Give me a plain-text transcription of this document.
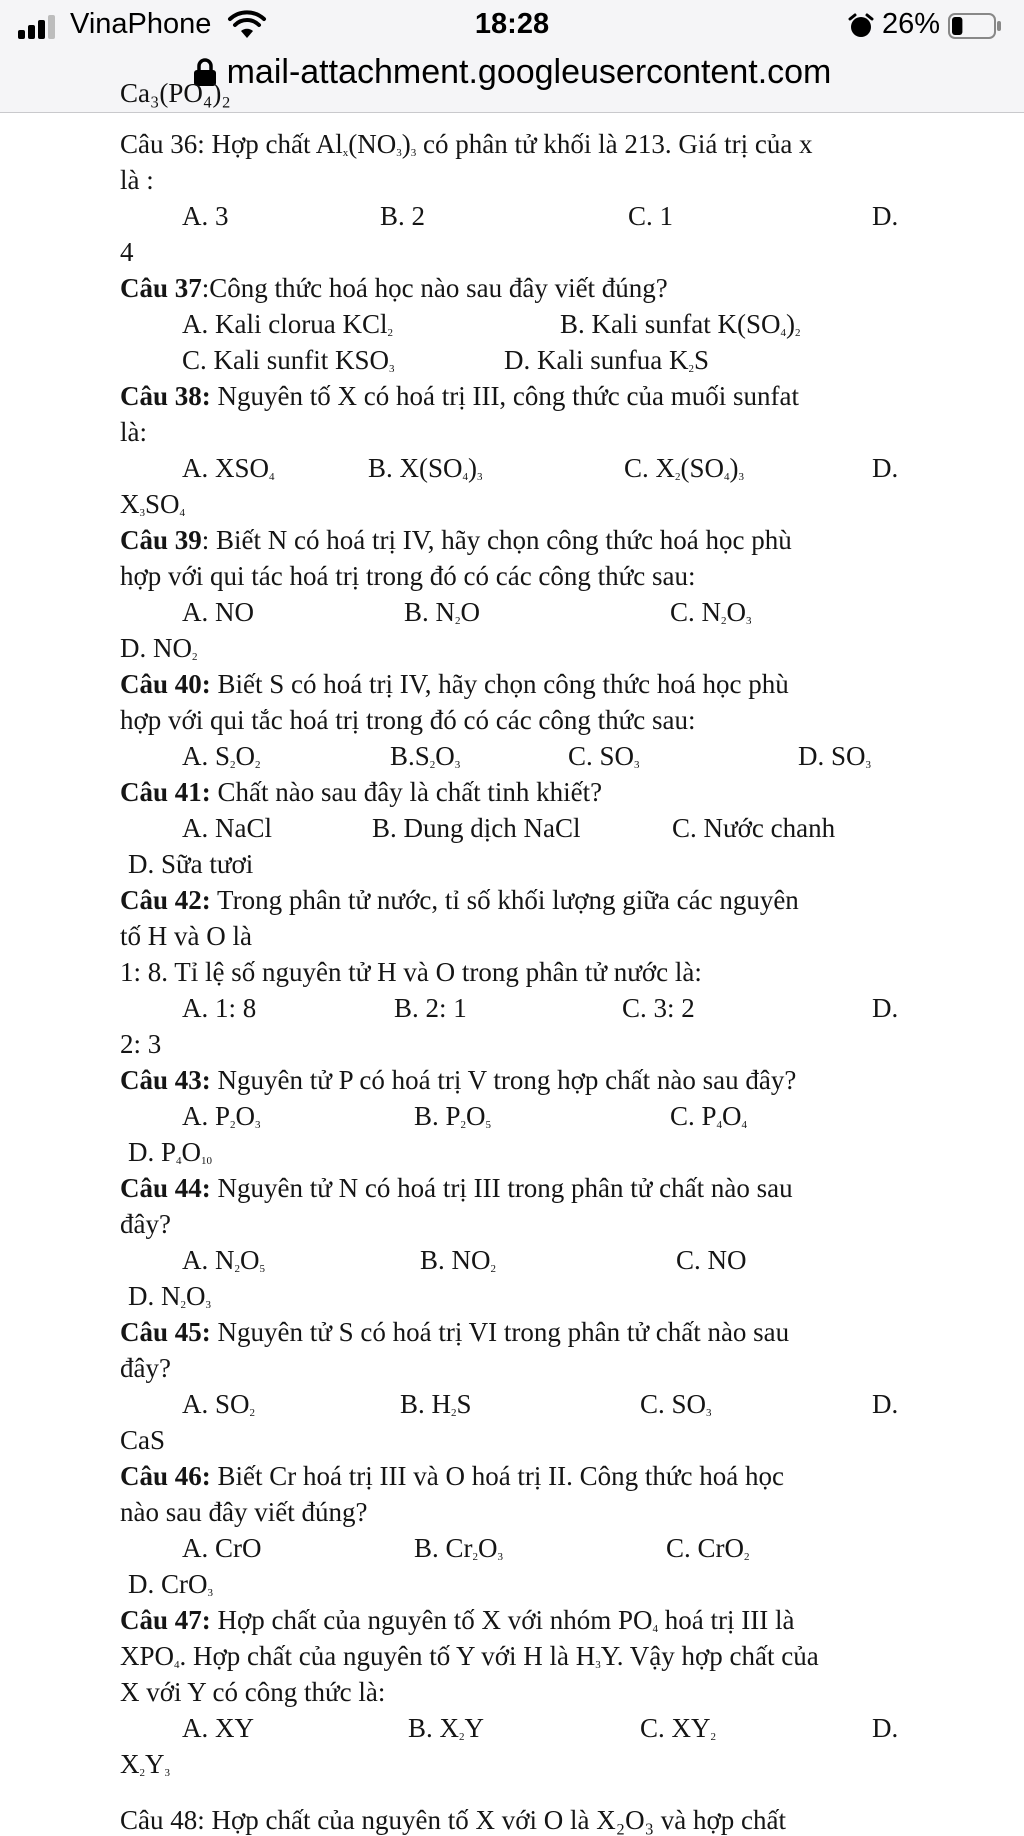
VinaPhone	18:28	26%
mail-attachment.googleusercontent.com
Ca₃(PO₄)₂
Câu 36: Hợp chất $Al_x(NO_3)_3$ có phân tử khối là 213. Giá trị của x
là :
A. 3	B. 2	C. 1	D.
4
Câu 37:Công thức hoá học nào sau đây viết đúng?
A. Kali clorua KCl$_2$	B. Kali sunfat $K(SO_4)_2$
C. Kali sunfit $KSO_3$	D. Kali sunfua $K_2S$
Câu 38: Nguyên tố X có hoá trị III, công thức của muối sunfat
là:
A. $XSO_4$	B. $X(SO_4)_3$	C. $X_2(SO_4)_3$	D.
$X_3SO_4$
Câu 39: Biết N có hoá trị IV, hãy chọn công thức hoá học phù
hợp với qui tác hoá trị trong đó có các công thức sau:
A. NO	B. $N_2O$	C. $N_2O_3$
D. $NO_2$
Câu 40: Biết S có hoá trị IV, hãy chọn công thức hoá học phù
hợp với qui tắc hoá trị trong đó có các công thức sau:
A. $S_2O_2$	$B.S_2O_3$	C. $SO_3$	D. $SO_3$
Câu 41: Chất nào sau đây là chất tinh khiết?
A. NaCl	B. Dung dịch NaCl	C. Nước chanh
D. Sữa tươi
Câu 42: Trong phân tử nước, tỉ số khối lượng giữa các nguyên
tố H và O là
1: 8. Tỉ lệ số nguyên tử H và O trong phân tử nước là:
A. 1: 8	B. 2: 1	C. 3: 2	D.
2: 3
Câu 43: Nguyên tử P có hoá trị V trong hợp chất nào sau đây?
A. $P_2O_3$	B. $P_2O_5$	C. $P_4O_4$
D. $P_4O_{10}$
Câu 44: Nguyên tử N có hoá trị III trong phân tử chất nào sau
đây?
A. $N_2O_5$	B. $NO_2$	C. NO
D. $N_2O_3$
Câu 45: Nguyên tử S có hoá trị VI trong phân tử chất nào sau
đây?
A. $SO_2$	B. $H_2S$	C. $SO_3$	D.
CaS
Câu 46: Biết Cr hoá trị III và O hoá trị II. Công thức hoá học
nào sau đây viết đúng?
A. CrO	B. $Cr_2O_3$	C. CrO$_2$
D. CrO$_3$
Câu 47: Hợp chất của nguyên tố X với nhóm $PO_4$ hoá trị III là
$XPO_4$. Hợp chất của nguyên tố Y với H là $H_3Y$. Vậy hợp chất của
X với Y có công thức là:
A. XY	B. $X_2Y$	C. $XY_2$	D.
$X_2Y_3$
Câu 48: Hợp chất của nguyên tố X với O là X₂O₃ và hợp chất
